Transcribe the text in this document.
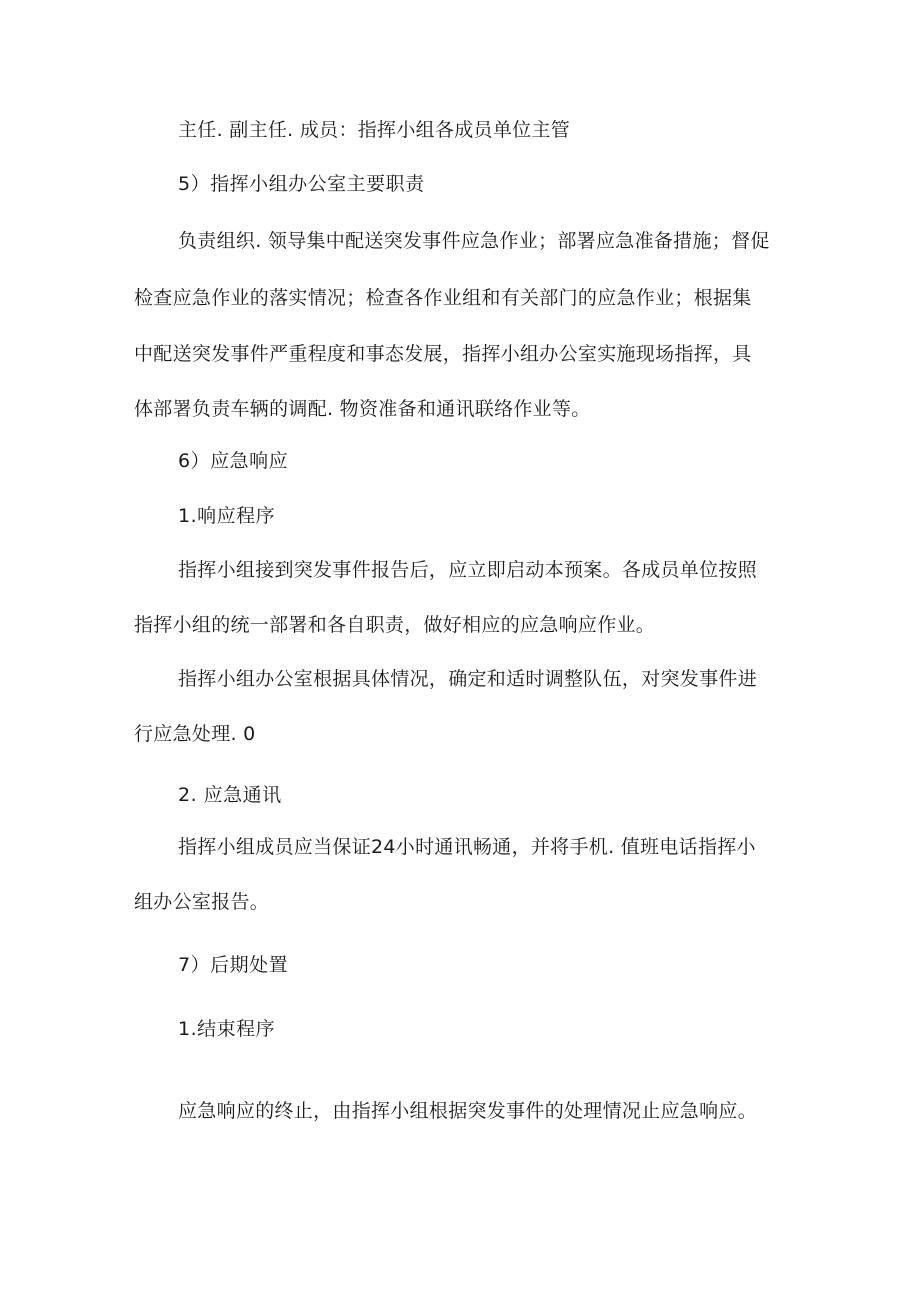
主任. 副主任. 成员：指挥小组各成员单位主管
5）指挥小组办公室主要职责
负责组织. 领导集中配送突发事件应急作业；部署应急准备措施；督促
检查应急作业的落实情况；检查各作业组和有关部门的应急作业；根据集
中配送突发事件严重程度和事态发展，指挥小组办公室实施现场指挥，具
体部署负责车辆的调配. 物资准备和通讯联络作业等。
6）应急响应
1.响应程序
指挥小组接到突发事件报告后，应立即启动本预案。各成员单位按照
指挥小组的统一部署和各自职责，做好相应的应急响应作业。
指挥小组办公室根据具体情况，确定和适时调整队伍，对突发事件进
行应急处理. 0
2. 应急通讯
指挥小组成员应当保证24小时通讯畅通，并将手机. 值班电话指挥小
组办公室报告。
7）后期处置
1.结束程序
应急响应的终止，由指挥小组根据突发事件的处理情况止应急响应。
